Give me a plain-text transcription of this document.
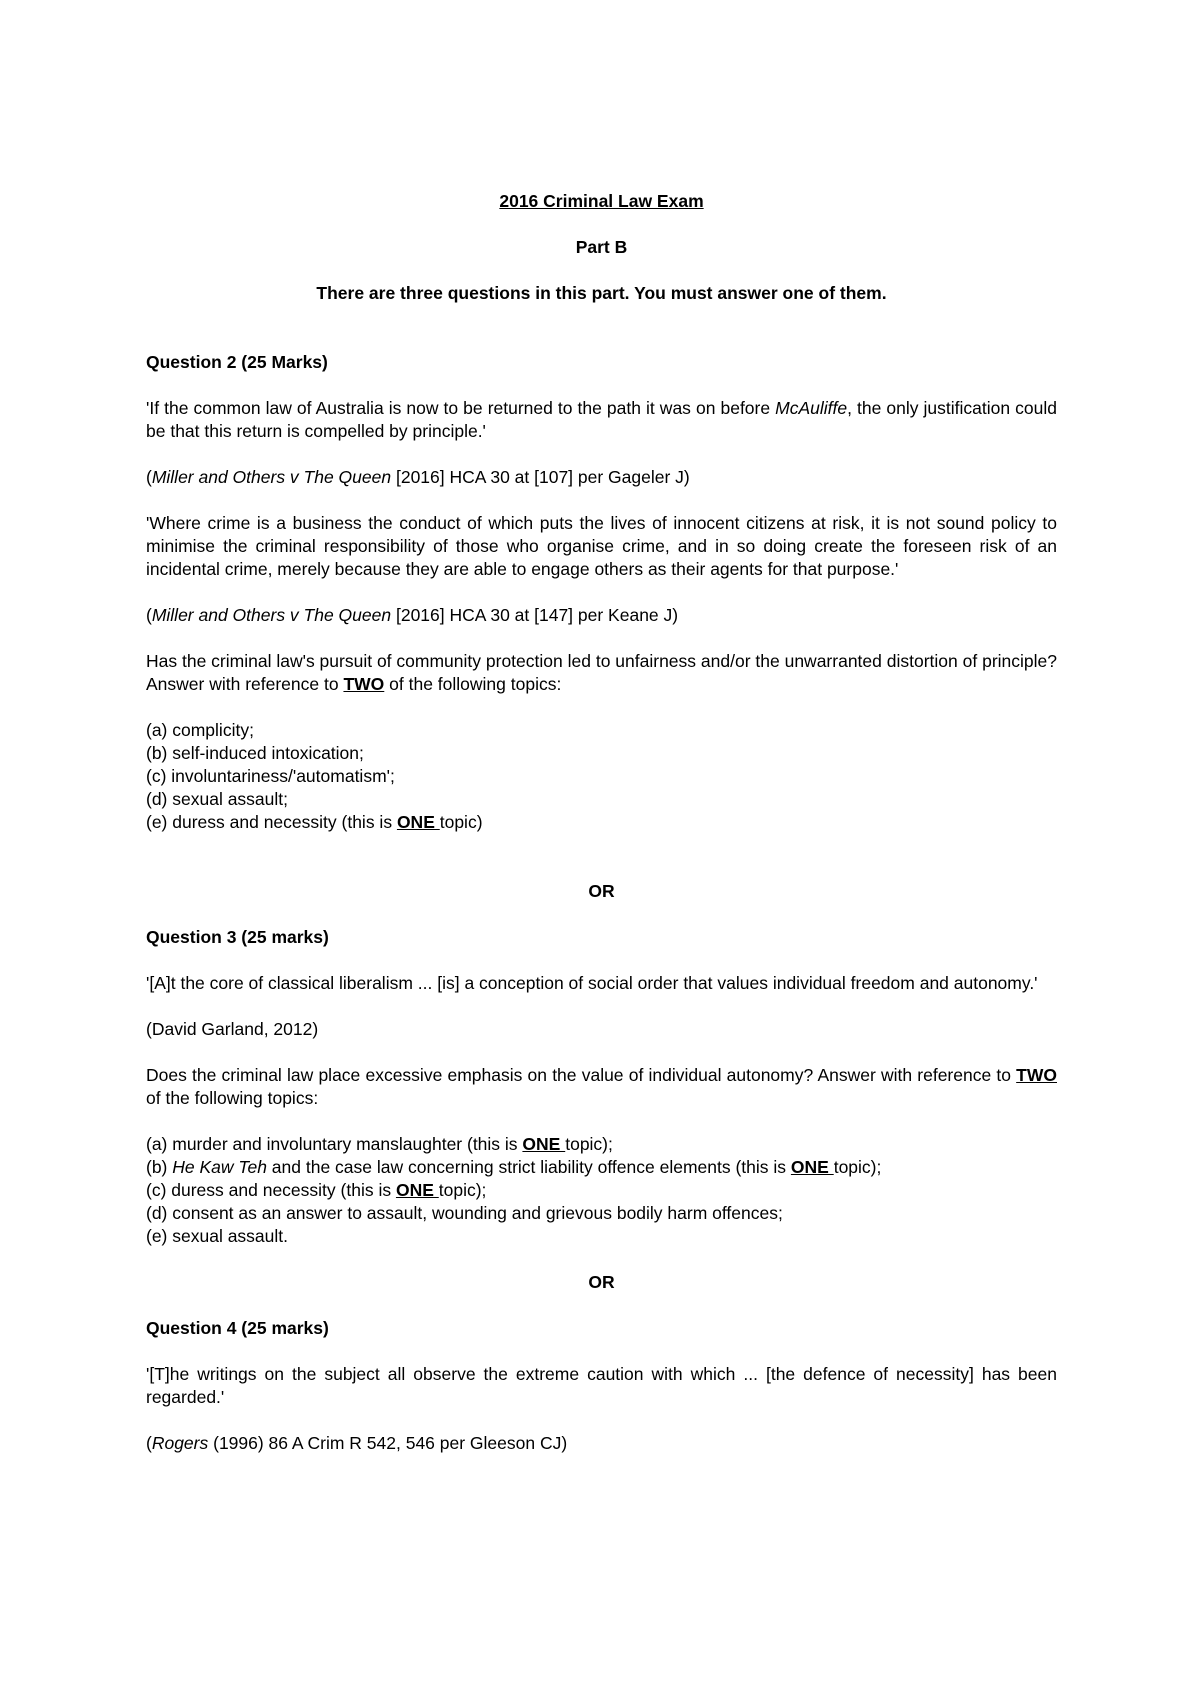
2016 Criminal Law Exam

Part B

There are three questions in this part. You must answer one of them.

Question 2 (25 Marks)

'If the common law of Australia is now to be returned to the path it was on before McAuliffe, the only justification could be that this return is compelled by principle.'

(Miller and Others v The Queen [2016] HCA 30 at [107] per Gageler J)

'Where crime is a business the conduct of which puts the lives of innocent citizens at risk, it is not sound policy to minimise the criminal responsibility of those who organise crime, and in so doing create the foreseen risk of an incidental crime, merely because they are able to engage others as their agents for that purpose.'

(Miller and Others v The Queen [2016] HCA 30 at [147] per Keane J)

Has the criminal law's pursuit of community protection led to unfairness and/or the unwarranted distortion of principle? Answer with reference to TWO of the following topics:

(a) complicity;
(b) self-induced intoxication;
(c) involuntariness/'automatism';
(d) sexual assault;
(e) duress and necessity (this is ONE topic)

OR

Question 3 (25 marks)

'[A]t the core of classical liberalism ... [is] a conception of social order that values individual freedom and autonomy.'

(David Garland, 2012)

Does the criminal law place excessive emphasis on the value of individual autonomy? Answer with reference to TWO of the following topics:

(a) murder and involuntary manslaughter (this is ONE topic);
(b) He Kaw Teh and the case law concerning strict liability offence elements (this is ONE topic);
(c) duress and necessity (this is ONE topic);
(d) consent as an answer to assault, wounding and grievous bodily harm offences;
(e) sexual assault.

OR

Question 4 (25 marks)

'[T]he writings on the subject all observe the extreme caution with which ... [the defence of necessity] has been regarded.'

(Rogers (1996) 86 A Crim R 542, 546 per Gleeson CJ)
